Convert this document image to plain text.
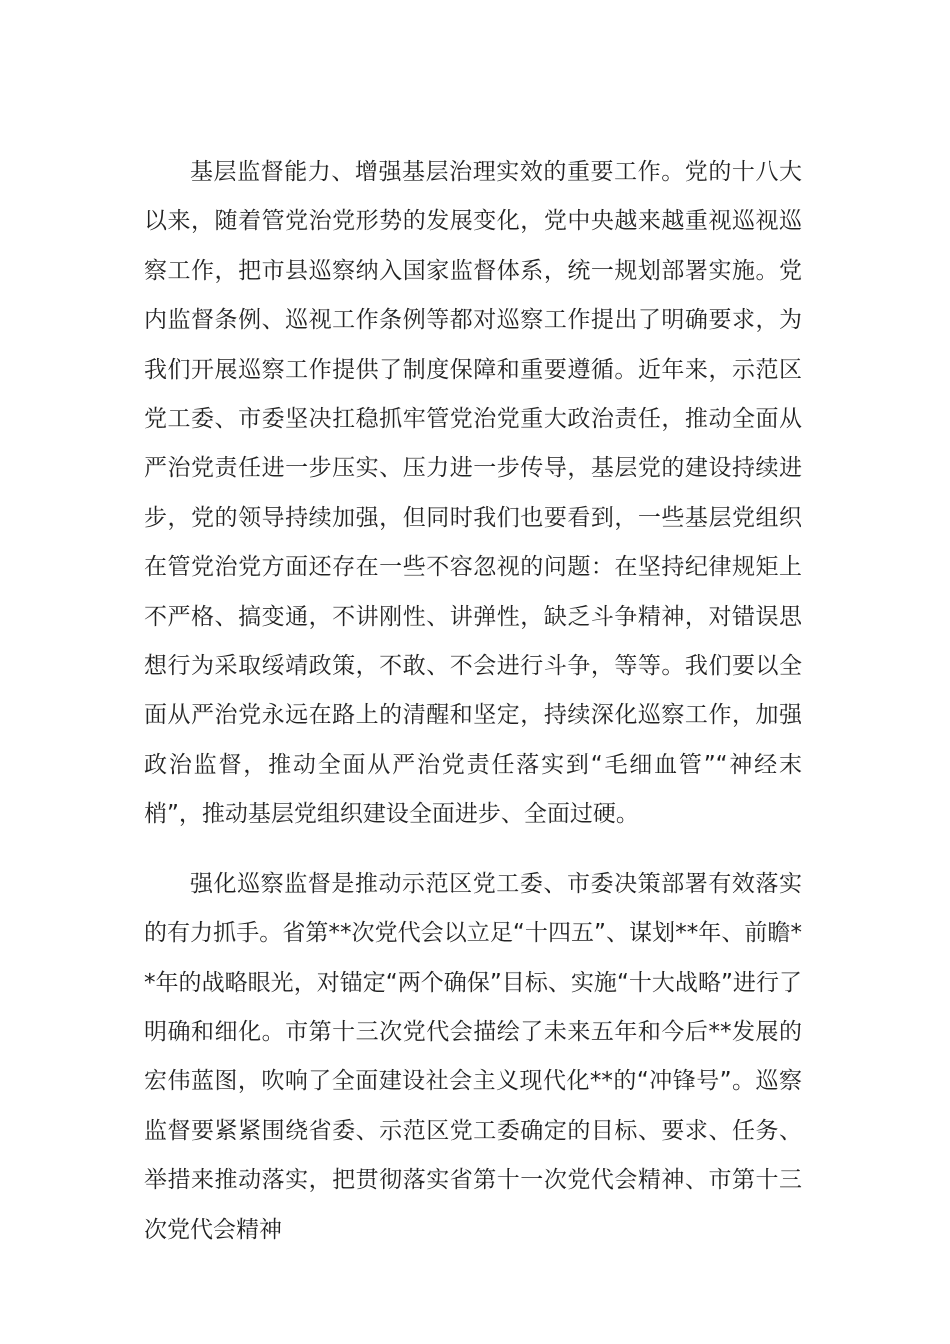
基层监督能力、增强基层治理实效的重要工作。党的十八大以来，随着管党治党形势的发展变化，党中央越来越重视巡视巡察工作，把市县巡察纳入国家监督体系，统一规划部署实施。党内监督条例、巡视工作条例等都对巡察工作提出了明确要求，为我们开展巡察工作提供了制度保障和重要遵循。近年来，示范区党工委、市委坚决扛稳抓牢管党治党重大政治责任，推动全面从严治党责任进一步压实、压力进一步传导，基层党的建设持续进步，党的领导持续加强，但同时我们也要看到，一些基层党组织在管党治党方面还存在一些不容忽视的问题：在坚持纪律规矩上不严格、搞变通，不讲刚性、讲弹性，缺乏斗争精神，对错误思想行为采取绥靖政策，不敢、不会进行斗争，等等。我们要以全面从严治党永远在路上的清醒和坚定，持续深化巡察工作，加强政治监督，推动全面从严治党责任落实到“毛细血管”“神经末梢”，推动基层党组织建设全面进步、全面过硬。

强化巡察监督是推动示范区党工委、市委决策部署有效落实的有力抓手。省第**次党代会以立足“十四五”、谋划**年、前瞻**年的战略眼光，对锚定“两个确保”目标、实施“十大战略”进行了明确和细化。市第十三次党代会描绘了未来五年和今后**发展的宏伟蓝图，吹响了全面建设社会主义现代化**的“冲锋号”。巡察监督要紧紧围绕省委、示范区党工委确定的目标、要求、任务、举措来推动落实，把贯彻落实省第十一次党代会精神、市第十三次党代会精神
